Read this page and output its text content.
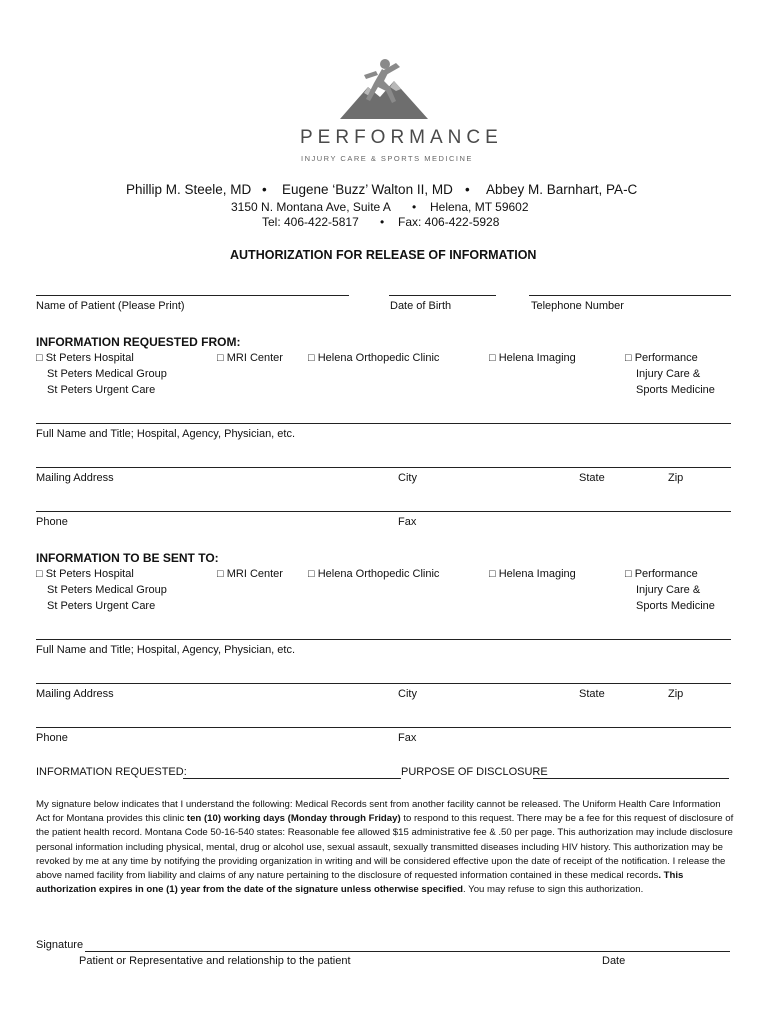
PERFORMANCE
INJURY CARE & SPORTS MEDICINE
Phillip M. Steele, MD • Eugene ‘Buzz’ Walton II, MD • Abbey M. Barnhart, PA-C
3150 N. Montana Ave, Suite A • Helena, MT 59602
Tel: 406-422-5817 • Fax: 406-422-5928
AUTHORIZATION FOR RELEASE OF INFORMATION
Name of Patient (Please Print)	Date of Birth	Telephone Number
INFORMATION REQUESTED FROM:
□ St Peters Hospital
St Peters Medical Group
St Peters Urgent Care
□ MRI Center □ Helena Orthopedic Clinic	□ Helena Imaging	□ Performance
Injury Care &
Sports Medicine
Full Name and Title; Hospital, Agency, Physician, etc.
Mailing Address	City	State	Zip
Phone	Fax
INFORMATION TO BE SENT TO:
□ St Peters Hospital
St Peters Medical Group
St Peters Urgent Care
□ MRI Center □ Helena Orthopedic Clinic	□ Helena Imaging	□ Performance
Injury Care &
Sports Medicine
Full Name and Title; Hospital, Agency, Physician, etc.
Mailing Address	City	State	Zip
Phone	Fax
INFORMATION REQUESTED:	PURPOSE OF DISCLOSURE
My signature below indicates that I understand the following: Medical Records sent from another facility cannot be released. The Uniform Health Care Information Act for Montana provides this clinic ten (10) working days (Monday through Friday) to respond to this request. There may be a fee for this request of disclosure of the patient health record. Montana Code 50-16-540 states: Reasonable fee allowed $15 administrative fee & .50 per page. This authorization may include disclosure personal information including physical, mental, drug or alcohol use, sexual assault, sexually transmitted diseases including HIV history. This authorization may be revoked by me at any time by notifying the providing organization in writing and will be considered effective upon the date of receipt of the notification. I release the above named facility from liability and claims of any nature pertaining to the disclosure of requested information contained in these medical records. This authorization expires in one (1) year from the date of the signature unless otherwise specified. You may refuse to sign this authorization.
Signature
Patient or Representative and relationship to the patient	Date
